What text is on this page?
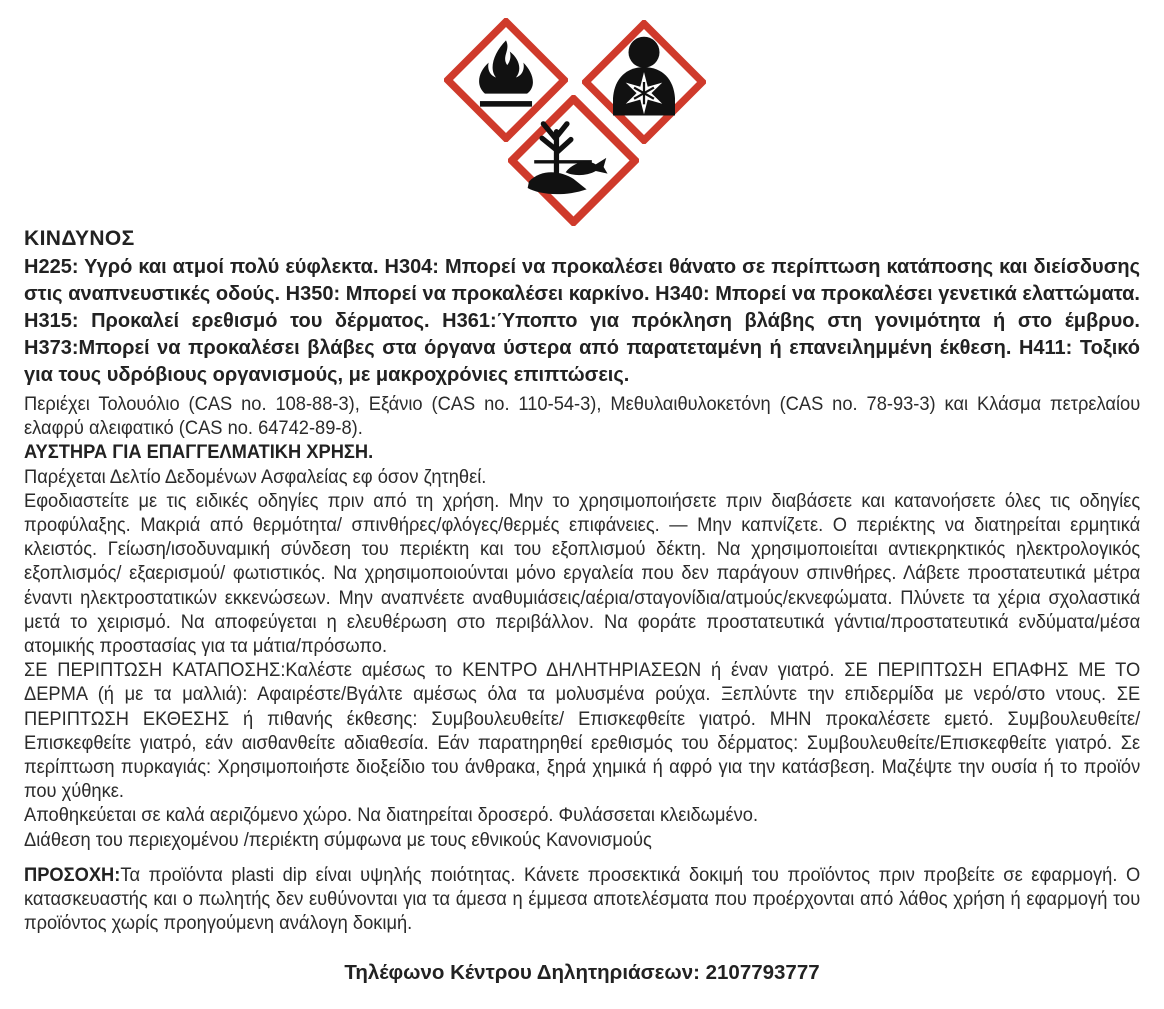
ΚΙΝΔΥΝΟΣ

Η225: Υγρό και ατμοί πολύ εύφλεκτα. Η304: Μπορεί να προκαλέσει θάνατο σε περίπτωση κατάποσης και διείσδυσης στις αναπνευστικές οδούς. Η350: Μπορεί να προκαλέσει καρκίνο. Η340: Μπορεί να προκαλέσει γενετικά ελαττώματα. Η315: Προκαλεί ερεθισμό του δέρματος. Η361:Ύποπτο για πρόκληση βλάβης στη γονιμότητα ή στο έμβρυο. Η373:Μπορεί να προκαλέσει βλάβες στα όργανα ύστερα από παρατεταμένη ή επανειλημμένη έκθεση. Η411: Τοξικό για τους υδρόβιους οργανισμούς, με μακροχρόνιες επιπτώσεις.

Περιέχει Τολουόλιο (CAS no. 108-88-3), Εξάνιο (CAS no. 110-54-3), Μεθυλαιθυλοκετόνη (CAS no. 78-93-3) και Κλάσμα πετρελαίου ελαφρύ αλειφατικό (CAS no. 64742-89-8).

ΑΥΣΤΗΡΑ ΓΙΑ ΕΠΑΓΓΕΛΜΑΤΙΚΗ ΧΡΗΣΗ.

Παρέχεται Δελτίο Δεδομένων Ασφαλείας εφ όσον ζητηθεί.

Εφοδιαστείτε με τις ειδικές οδηγίες πριν από τη χρήση. Μην το χρησιμοποιήσετε πριν διαβάσετε και κατανοήσετε όλες τις οδηγίες προφύλαξης. Μακριά από θερμότητα/ σπινθήρες/φλόγες/θερμές επιφάνειες. — Μην καπνίζετε. Ο περιέκτης να διατηρείται ερμητικά κλειστός. Γείωση/ισοδυναμική σύνδεση του περιέκτη και του εξοπλισμού δέκτη. Να χρησιμοποιείται αντιεκρηκτικός ηλεκτρολογικός εξοπλισμός/ εξαερισμού/ φωτιστικός. Να χρησιμοποιούνται μόνο εργαλεία που δεν παράγουν σπινθήρες. Λάβετε προστατευτικά μέτρα έναντι ηλεκτροστατικών εκκενώσεων. Μην αναπνέετε αναθυμιάσεις/αέρια/σταγονίδια/ατμούς/εκνεφώματα. Πλύνετε τα χέρια σχολαστικά μετά το χειρισμό. Να αποφεύγεται η ελευθέρωση στο περιβάλλον. Να φοράτε προστατευτικά γάντια/προστατευτικά ενδύματα/μέσα ατομικής προστασίας για τα μάτια/πρόσωπο.

ΣΕ ΠΕΡΙΠΤΩΣΗ ΚΑΤΑΠΟΣΗΣ:Καλέστε αμέσως το ΚΕΝΤΡΟ ΔΗΛΗΤΗΡΙΑΣΕΩΝ ή έναν γιατρό. ΣΕ ΠΕΡΙΠΤΩΣΗ ΕΠΑΦΗΣ ΜΕ ΤΟ ΔΕΡΜΑ (ή με τα μαλλιά): Αφαιρέστε/Βγάλτε αμέσως όλα τα μολυσμένα ρούχα. Ξεπλύντε την επιδερμίδα με νερό/στο ντους. ΣΕ ΠΕΡΙΠΤΩΣΗ ΕΚΘΕΣΗΣ ή πιθανής έκθεσης: Συμβουλευθείτε/ Επισκεφθείτε γιατρό. ΜΗΝ προκαλέσετε εμετό. Συμβουλευθείτε/Επισκεφθείτε γιατρό, εάν αισθανθείτε αδιαθεσία. Εάν παρατηρηθεί ερεθισμός του δέρματος: Συμβουλευθείτε/Επισκεφθείτε γιατρό. Σε περίπτωση πυρκαγιάς: Χρησιμοποιήστε διοξείδιο του άνθρακα, ξηρά χημικά ή αφρό για την κατάσβεση. Μαζέψτε την ουσία ή το προϊόν που χύθηκε.

Αποθηκεύεται σε καλά αεριζόμενο χώρο. Να διατηρείται δροσερό. Φυλάσσεται κλειδωμένο.

Διάθεση του περιεχομένου /περιέκτη σύμφωνα με τους εθνικούς Κανονισμούς

ΠΡΟΣΟΧΗ:Τα προϊόντα plasti dip είναι υψηλής ποιότητας. Κάνετε προσεκτικά δοκιμή του προϊόντος πριν προβείτε σε εφαρμογή. Ο κατασκευαστής και ο πωλητής δεν ευθύνονται για τα άμεσα η έμμεσα αποτελέσματα που προέρχονται από λάθος χρήση ή εφαρμογή του προϊόντος χωρίς προηγούμενη ανάλογη δοκιμή.

Τηλέφωνο Κέντρου Δηλητηριάσεων: 2107793777
